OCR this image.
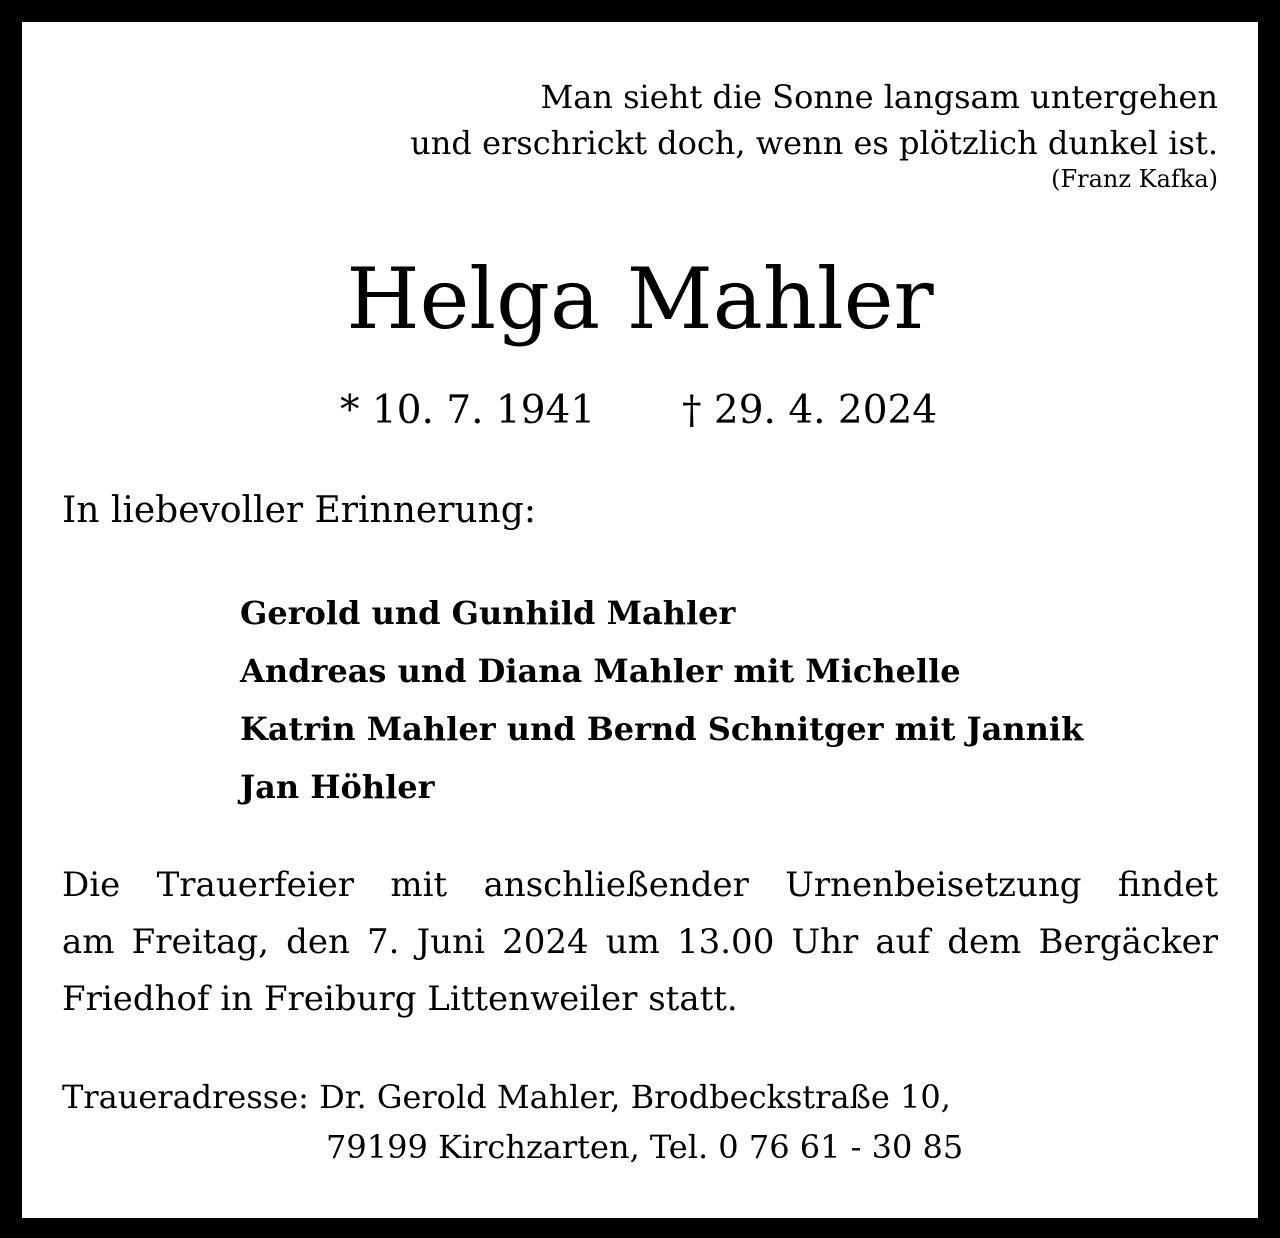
Man sieht die Sonne langsam untergehen
und erschrickt doch, wenn es plötzlich dunkel ist.
(Franz Kafka)
Helga Mahler
* 10. 7. 1941 † 29. 4. 2024
In liebevoller Erinnerung:
Gerold und Gunhild Mahler
Andreas und Diana Mahler mit Michelle
Katrin Mahler und Bernd Schnitger mit Jannik
Jan Höhler
Die Trauerfeier mit anschließender Urnenbeisetzung findet
am Freitag, den 7. Juni 2024 um 13.00 Uhr auf dem Bergäcker
Friedhof in Freiburg Littenweiler statt.
Traueradresse: Dr. Gerold Mahler, Brodbeckstraße 10,
79199 Kirchzarten, Tel. 0 76 61 - 30 85
